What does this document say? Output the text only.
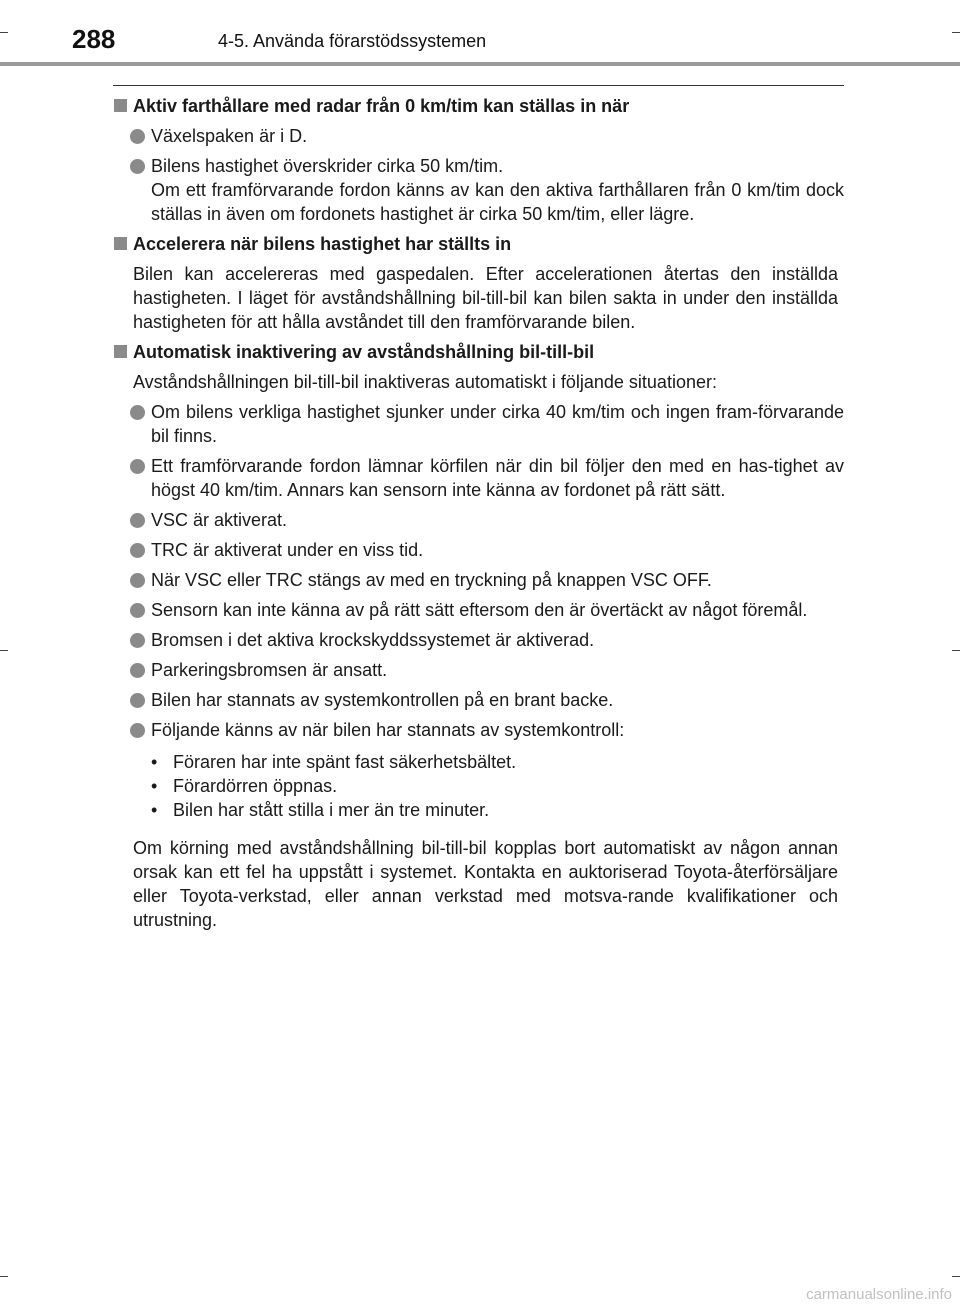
288	4-5. Använda förarstödssystemen
Aktiv farthållare med radar från 0 km/tim kan ställas in när
Växelspaken är i D.
Bilens hastighet överskrider cirka 50 km/tim.
Om ett framförvarande fordon känns av kan den aktiva farthållaren från 0 km/tim dock ställas in även om fordonets hastighet är cirka 50 km/tim, eller lägre.
Accelerera när bilens hastighet har ställts in
Bilen kan accelereras med gaspedalen. Efter accelerationen återtas den inställda hastigheten. I läget för avståndshållning bil-till-bil kan bilen sakta in under den inställda hastigheten för att hålla avståndet till den framförvarande bilen.
Automatisk inaktivering av avståndshållning bil-till-bil
Avståndshållningen bil-till-bil inaktiveras automatiskt i följande situationer:
Om bilens verkliga hastighet sjunker under cirka 40 km/tim och ingen fram-förvarande bil finns.
Ett framförvarande fordon lämnar körfilen när din bil följer den med en has-tighet av högst 40 km/tim. Annars kan sensorn inte känna av fordonet på rätt sätt.
VSC är aktiverat.
TRC är aktiverat under en viss tid.
När VSC eller TRC stängs av med en tryckning på knappen VSC OFF.
Sensorn kan inte känna av på rätt sätt eftersom den är övertäckt av något föremål.
Bromsen i det aktiva krockskyddssystemet är aktiverad.
Parkeringsbromsen är ansatt.
Bilen har stannats av systemkontrollen på en brant backe.
Följande känns av när bilen har stannats av systemkontroll:
• Föraren har inte spänt fast säkerhetsbältet.
• Förardörren öppnas.
• Bilen har stått stilla i mer än tre minuter.
Om körning med avståndshållning bil-till-bil kopplas bort automatiskt av någon annan orsak kan ett fel ha uppstått i systemet. Kontakta en auktoriserad Toyota-återförsäljare eller Toyota-verkstad, eller annan verkstad med motsva-rande kvalifikationer och utrustning.
carmanualsonline.info
